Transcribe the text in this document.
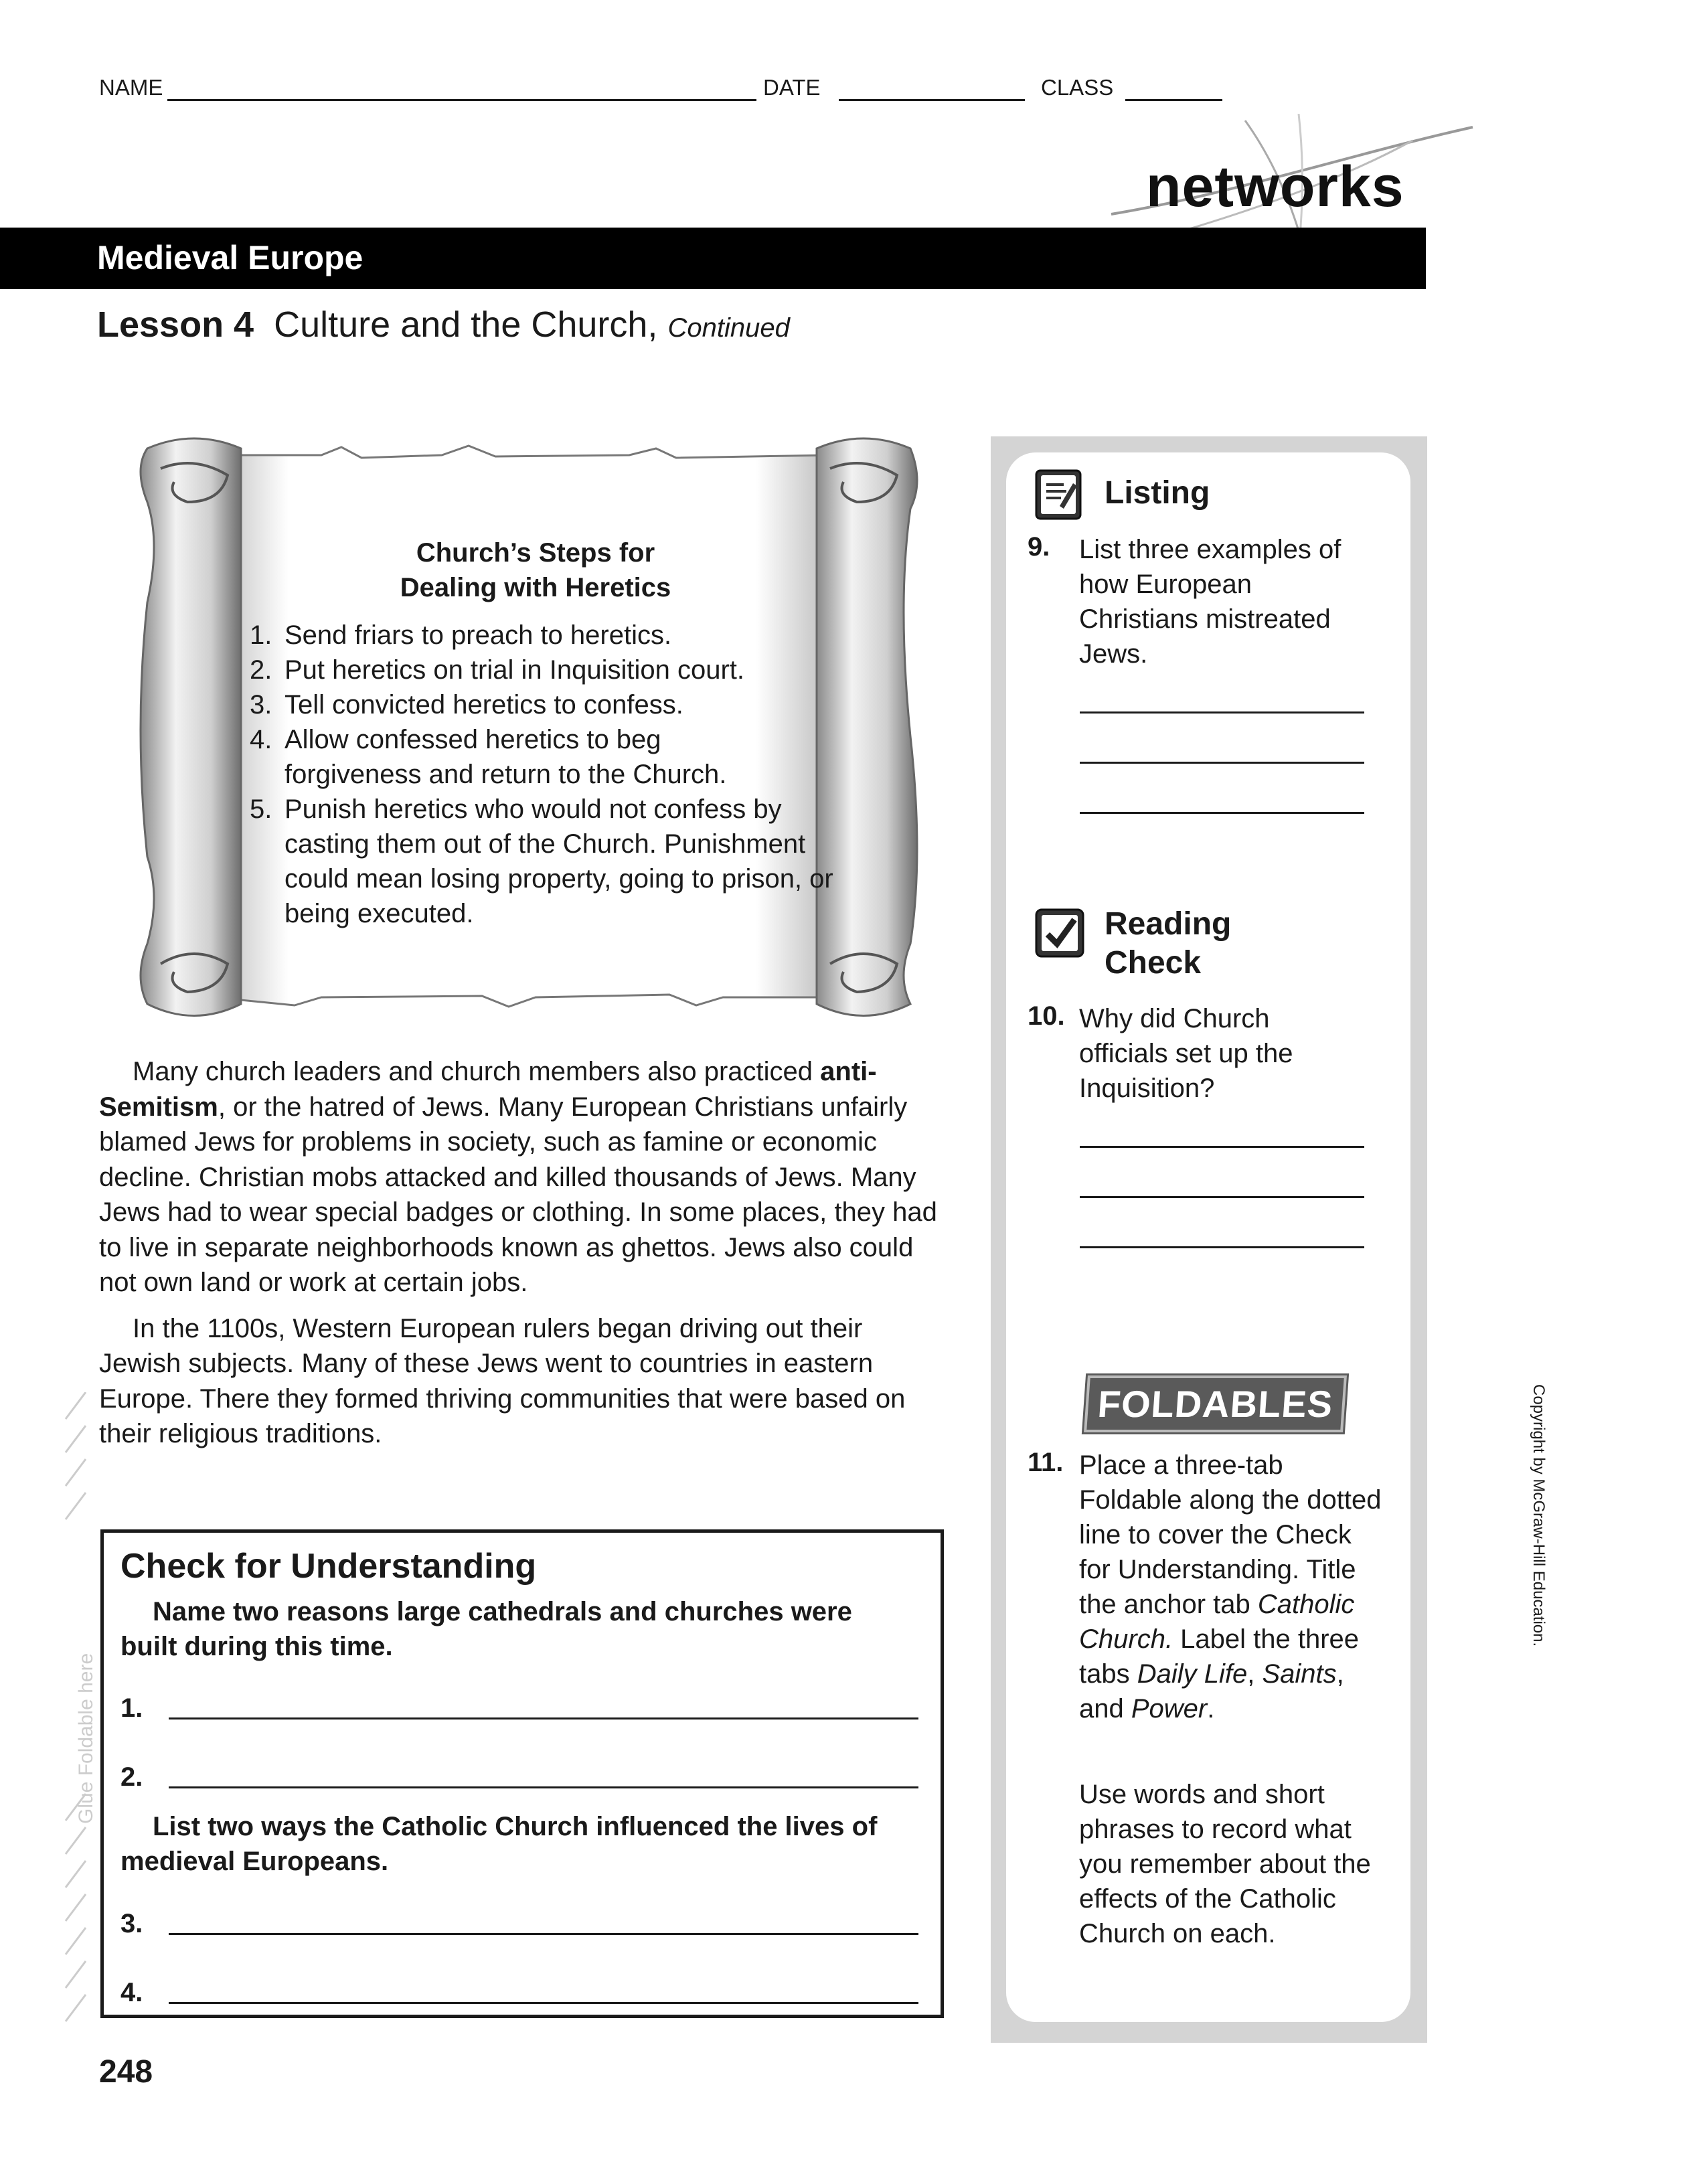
NAME	DATE	CLASS
networks
Medieval Europe
Lesson 4 Culture and the Church, Continued
Church’s Steps for
Dealing with Heretics
1. Send friars to preach to heretics.
2. Put heretics on trial in Inquisition court.
3. Tell convicted heretics to confess.
4. Allow confessed heretics to beg forgiveness and return to the Church.
5. Punish heretics who would not confess by casting them out of the Church. Punishment could mean losing property, going to prison, or being executed.

Many church leaders and church members also practiced anti-Semitism, or the hatred of Jews. Many European Christians unfairly blamed Jews for problems in society, such as famine or economic decline. Christian mobs attacked and killed thousands of Jews. Many Jews had to wear special badges or clothing. In some places, they had to live in separate neighborhoods known as ghettos. Jews also could not own land or work at certain jobs.

In the 1100s, Western European rulers began driving out their Jewish subjects. Many of these Jews went to countries in eastern Europe. There they formed thriving communities that were based on their religious traditions.

Glue Foldable here
Check for Understanding
Name two reasons large cathedrals and churches were built during this time.
1.
2.
List two ways the Catholic Church influenced the lives of medieval Europeans.
3.
4.
Listing
9. List three examples of how European Christians mistreated Jews.
Reading
Check
10. Why did Church officials set up the Inquisition?
FOLDABLES
11. Place a three-tab Foldable along the dotted line to cover the Check for Understanding. Title the anchor tab Catholic Church. Label the three tabs Daily Life, Saints, and Power.
Use words and short phrases to record what you remember about the effects of the Catholic Church on each.
Copyright by McGraw-Hill Education.
248
